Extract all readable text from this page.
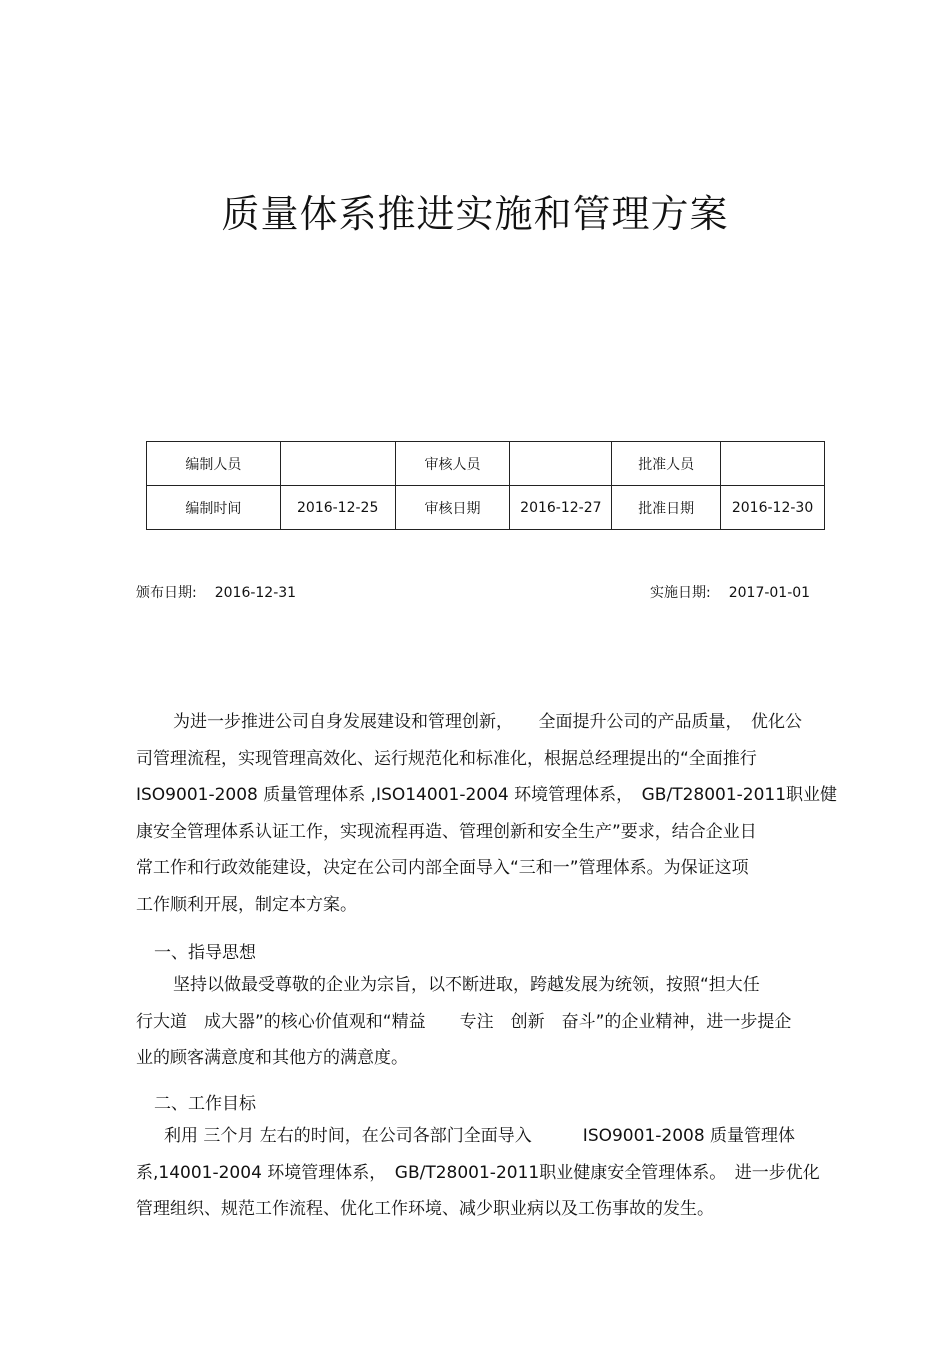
质量体系推进实施和管理方案
编制人员		审核人员		批准人员	
编制时间	2016-12-25	审核日期	2016-12-27	批准日期	2016-12-30
颁布日期: 2016-12-31	实施日期: 2017-01-01
为进一步推进公司自身发展建设和管理创新，　　全面提升公司的产品质量，　优化公
司管理流程，实现管理高效化、运行规范化和标准化，根据总经理提出的“全面推行
ISO9001-2008 质量管理体系 ,ISO14001-2004 环境管理体系，　GB/T28001-2011职业健
康安全管理体系认证工作，实现流程再造、管理创新和安全生产”要求，结合企业日
常工作和行政效能建设，决定在公司内部全面导入“三和一”管理体系。为保证这项
工作顺利开展，制定本方案。
一、指导思想
坚持以做最受尊敬的企业为宗旨，以不断进取，跨越发展为统领，按照“担大任
行大道　成大器”的核心价值观和“精益　　专注　创新　奋斗”的企业精神，进一步提企
业的顾客满意度和其他方的满意度。
二、工作目标
利用 三个月 左右的时间，在公司各部门全面导入　　　ISO9001-2008 质量管理体
系,14001-2004 环境管理体系，　GB/T28001-2011职业健康安全管理体系。　进一步优化
管理组织、规范工作流程、优化工作环境、减少职业病以及工伤事故的发生。
